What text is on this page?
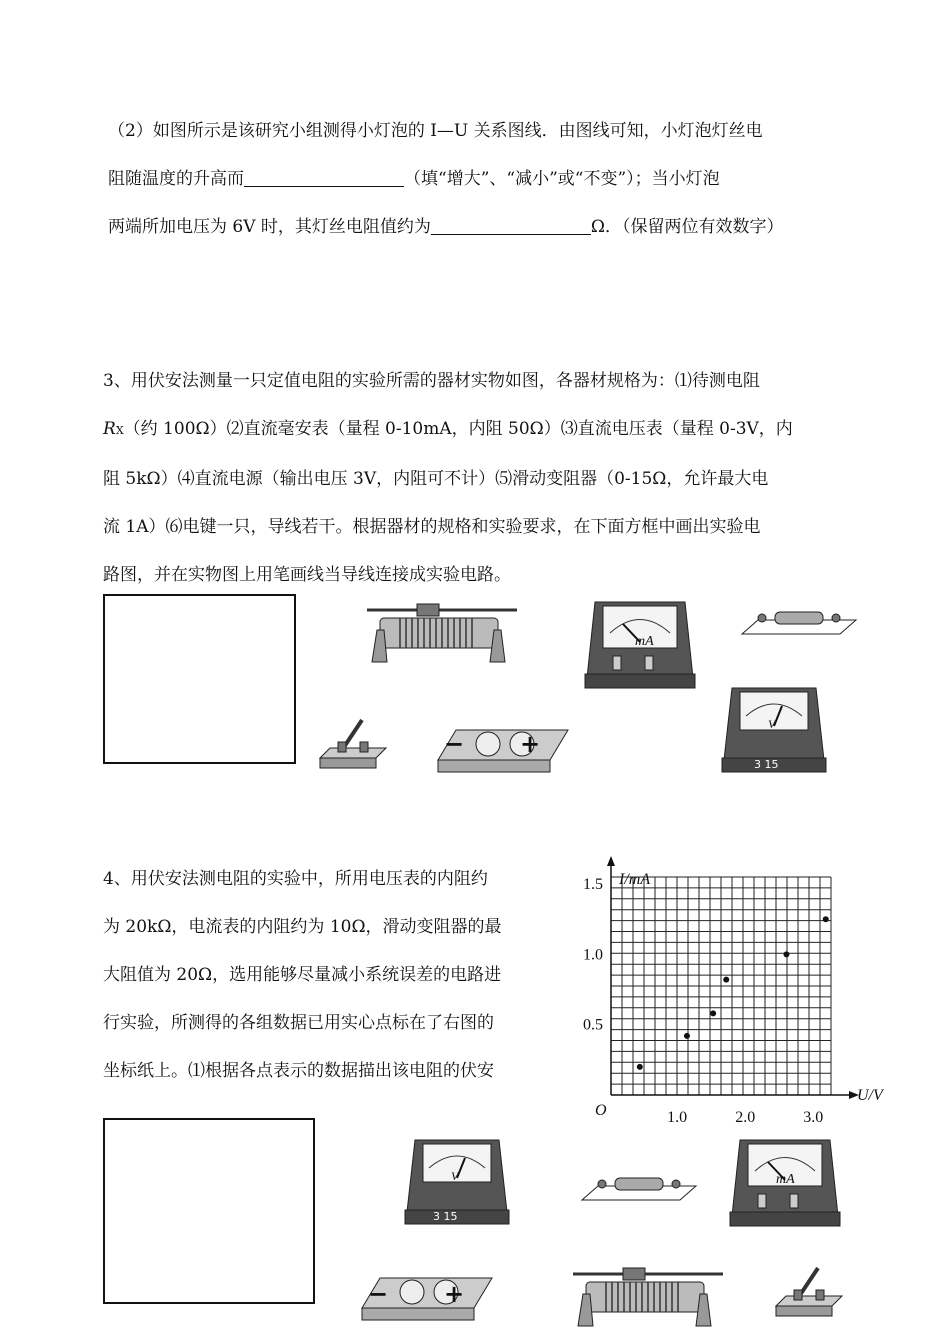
（2）如图所示是该研究小组测得小灯泡的 I—U 关系图线．由图线可知，小灯泡灯丝电
阻随温度的升高而	（填“增大”、“减小”或“不变”）；当小灯泡
两端所加电压为 6V 时，其灯丝电阻值约为	Ω．（保留两位有效数字）
3、用伏安法测量一只定值电阻的实验所需的器材实物如图，各器材规格为：⑴待测电阻
RX（约 100Ω）⑵直流毫安表（量程 0-10mA，内阻 50Ω）⑶直流电压表（量程 0-3V，内
阻 5kΩ）⑷直流电源（输出电压 3V，内阻可不计）⑸滑动变阻器（0-15Ω，允许最大电
流 1A）⑹电键一只，导线若干。根据器材的规格和实验要求，在下面方框中画出实验电
路图，并在实物图上用笔画线当导线连接成实验电路。
mA
− +
V
3 15
4、用伏安法测电阻的实验中，所用电压表的内阻约
为 20kΩ，电流表的内阻约为 10Ω，滑动变阻器的最
大阻值为 20Ω，选用能够尽量减小系统误差的电路进
行实验，所测得的各组数据已用实心点标在了右图的
坐标纸上。⑴根据各点表示的数据描出该电阻的伏安
I/mA
U/V
O	1.0	2.0	3.0
0.5
1.0
1.5
V
3 15
mA
− +
